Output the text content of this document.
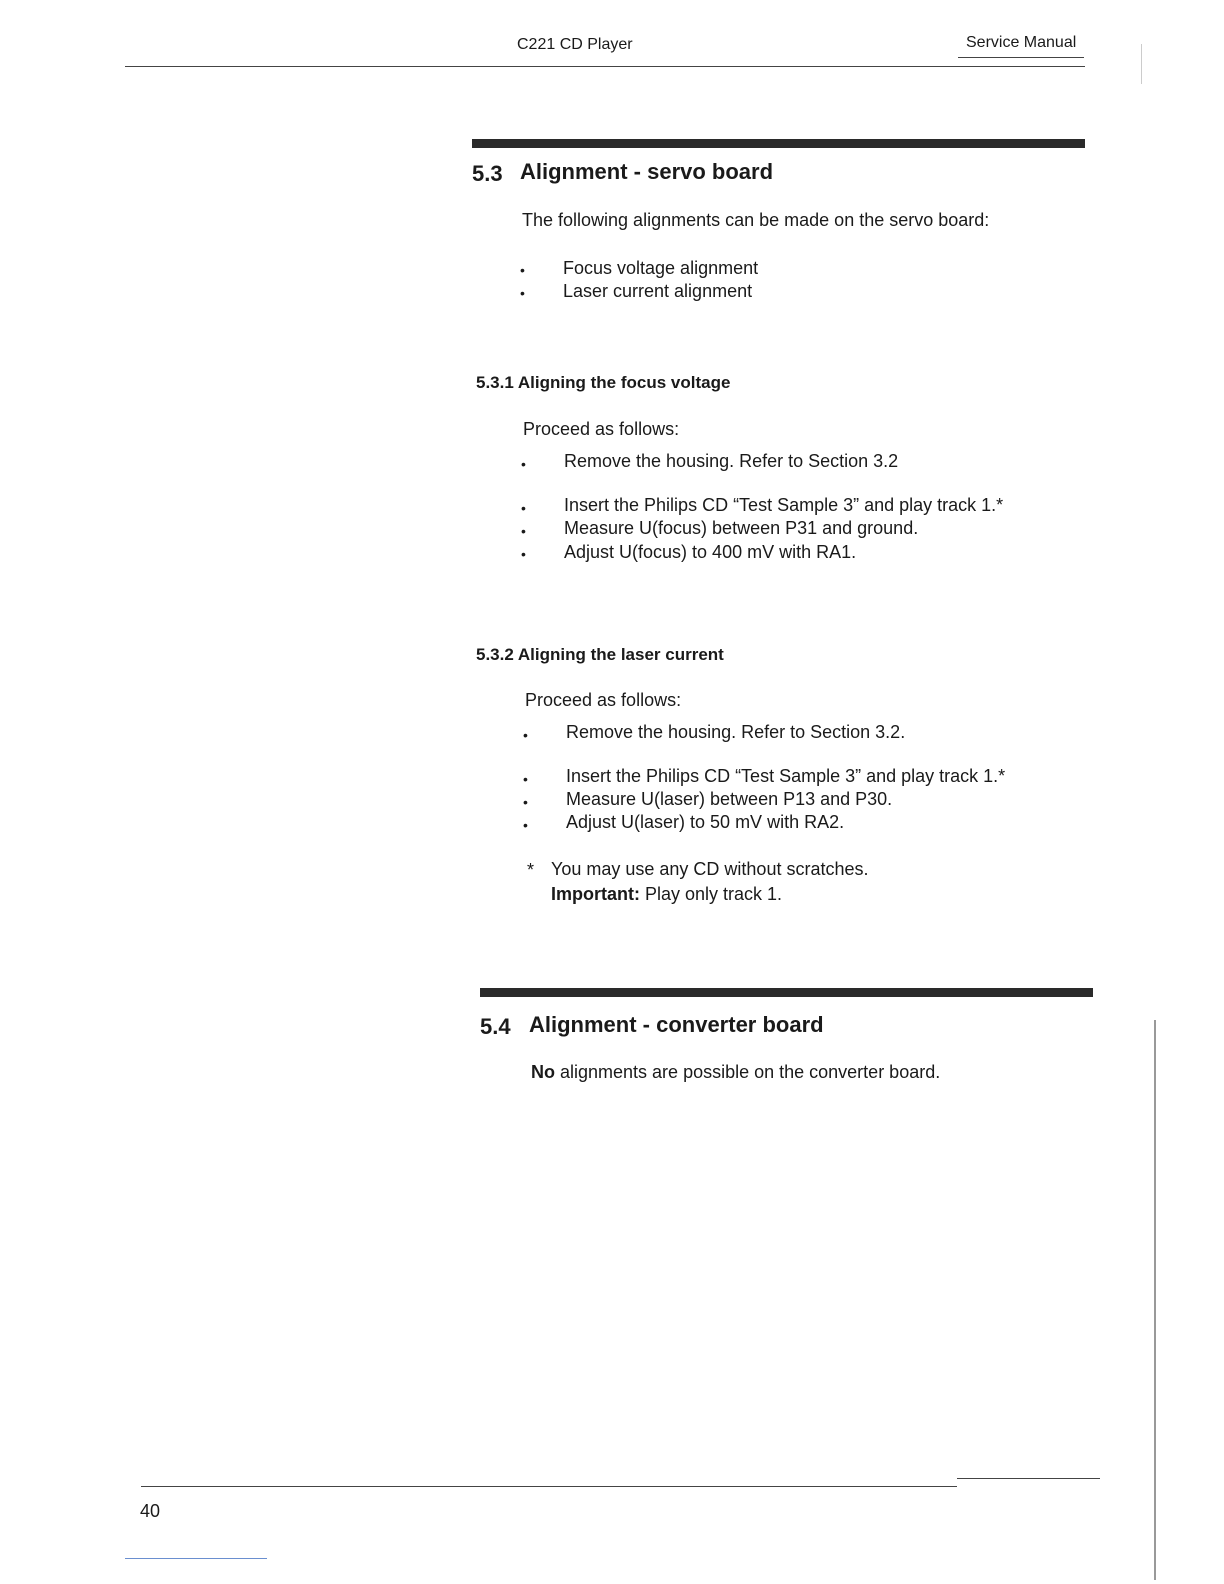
C221 CD Player	Service Manual
5.3 Alignment - servo board
The following alignments can be made on the servo board:
• Focus voltage alignment
• Laser current alignment
5.3.1 Aligning the focus voltage
Proceed as follows:
• Remove the housing. Refer to Section 3.2
• Insert the Philips CD “Test Sample 3” and play track 1.*
• Measure U(focus) between P31 and ground.
• Adjust U(focus) to 400 mV with RA1.
5.3.2 Aligning the laser current
Proceed as follows:
• Remove the housing. Refer to Section 3.2.
• Insert the Philips CD “Test Sample 3” and play track 1.*
• Measure U(laser) between P13 and P30.
• Adjust U(laser) to 50 mV with RA2.
* You may use any CD without scratches.
Important: Play only track 1.
5.4 Alignment - converter board
No alignments are possible on the converter board.
40
